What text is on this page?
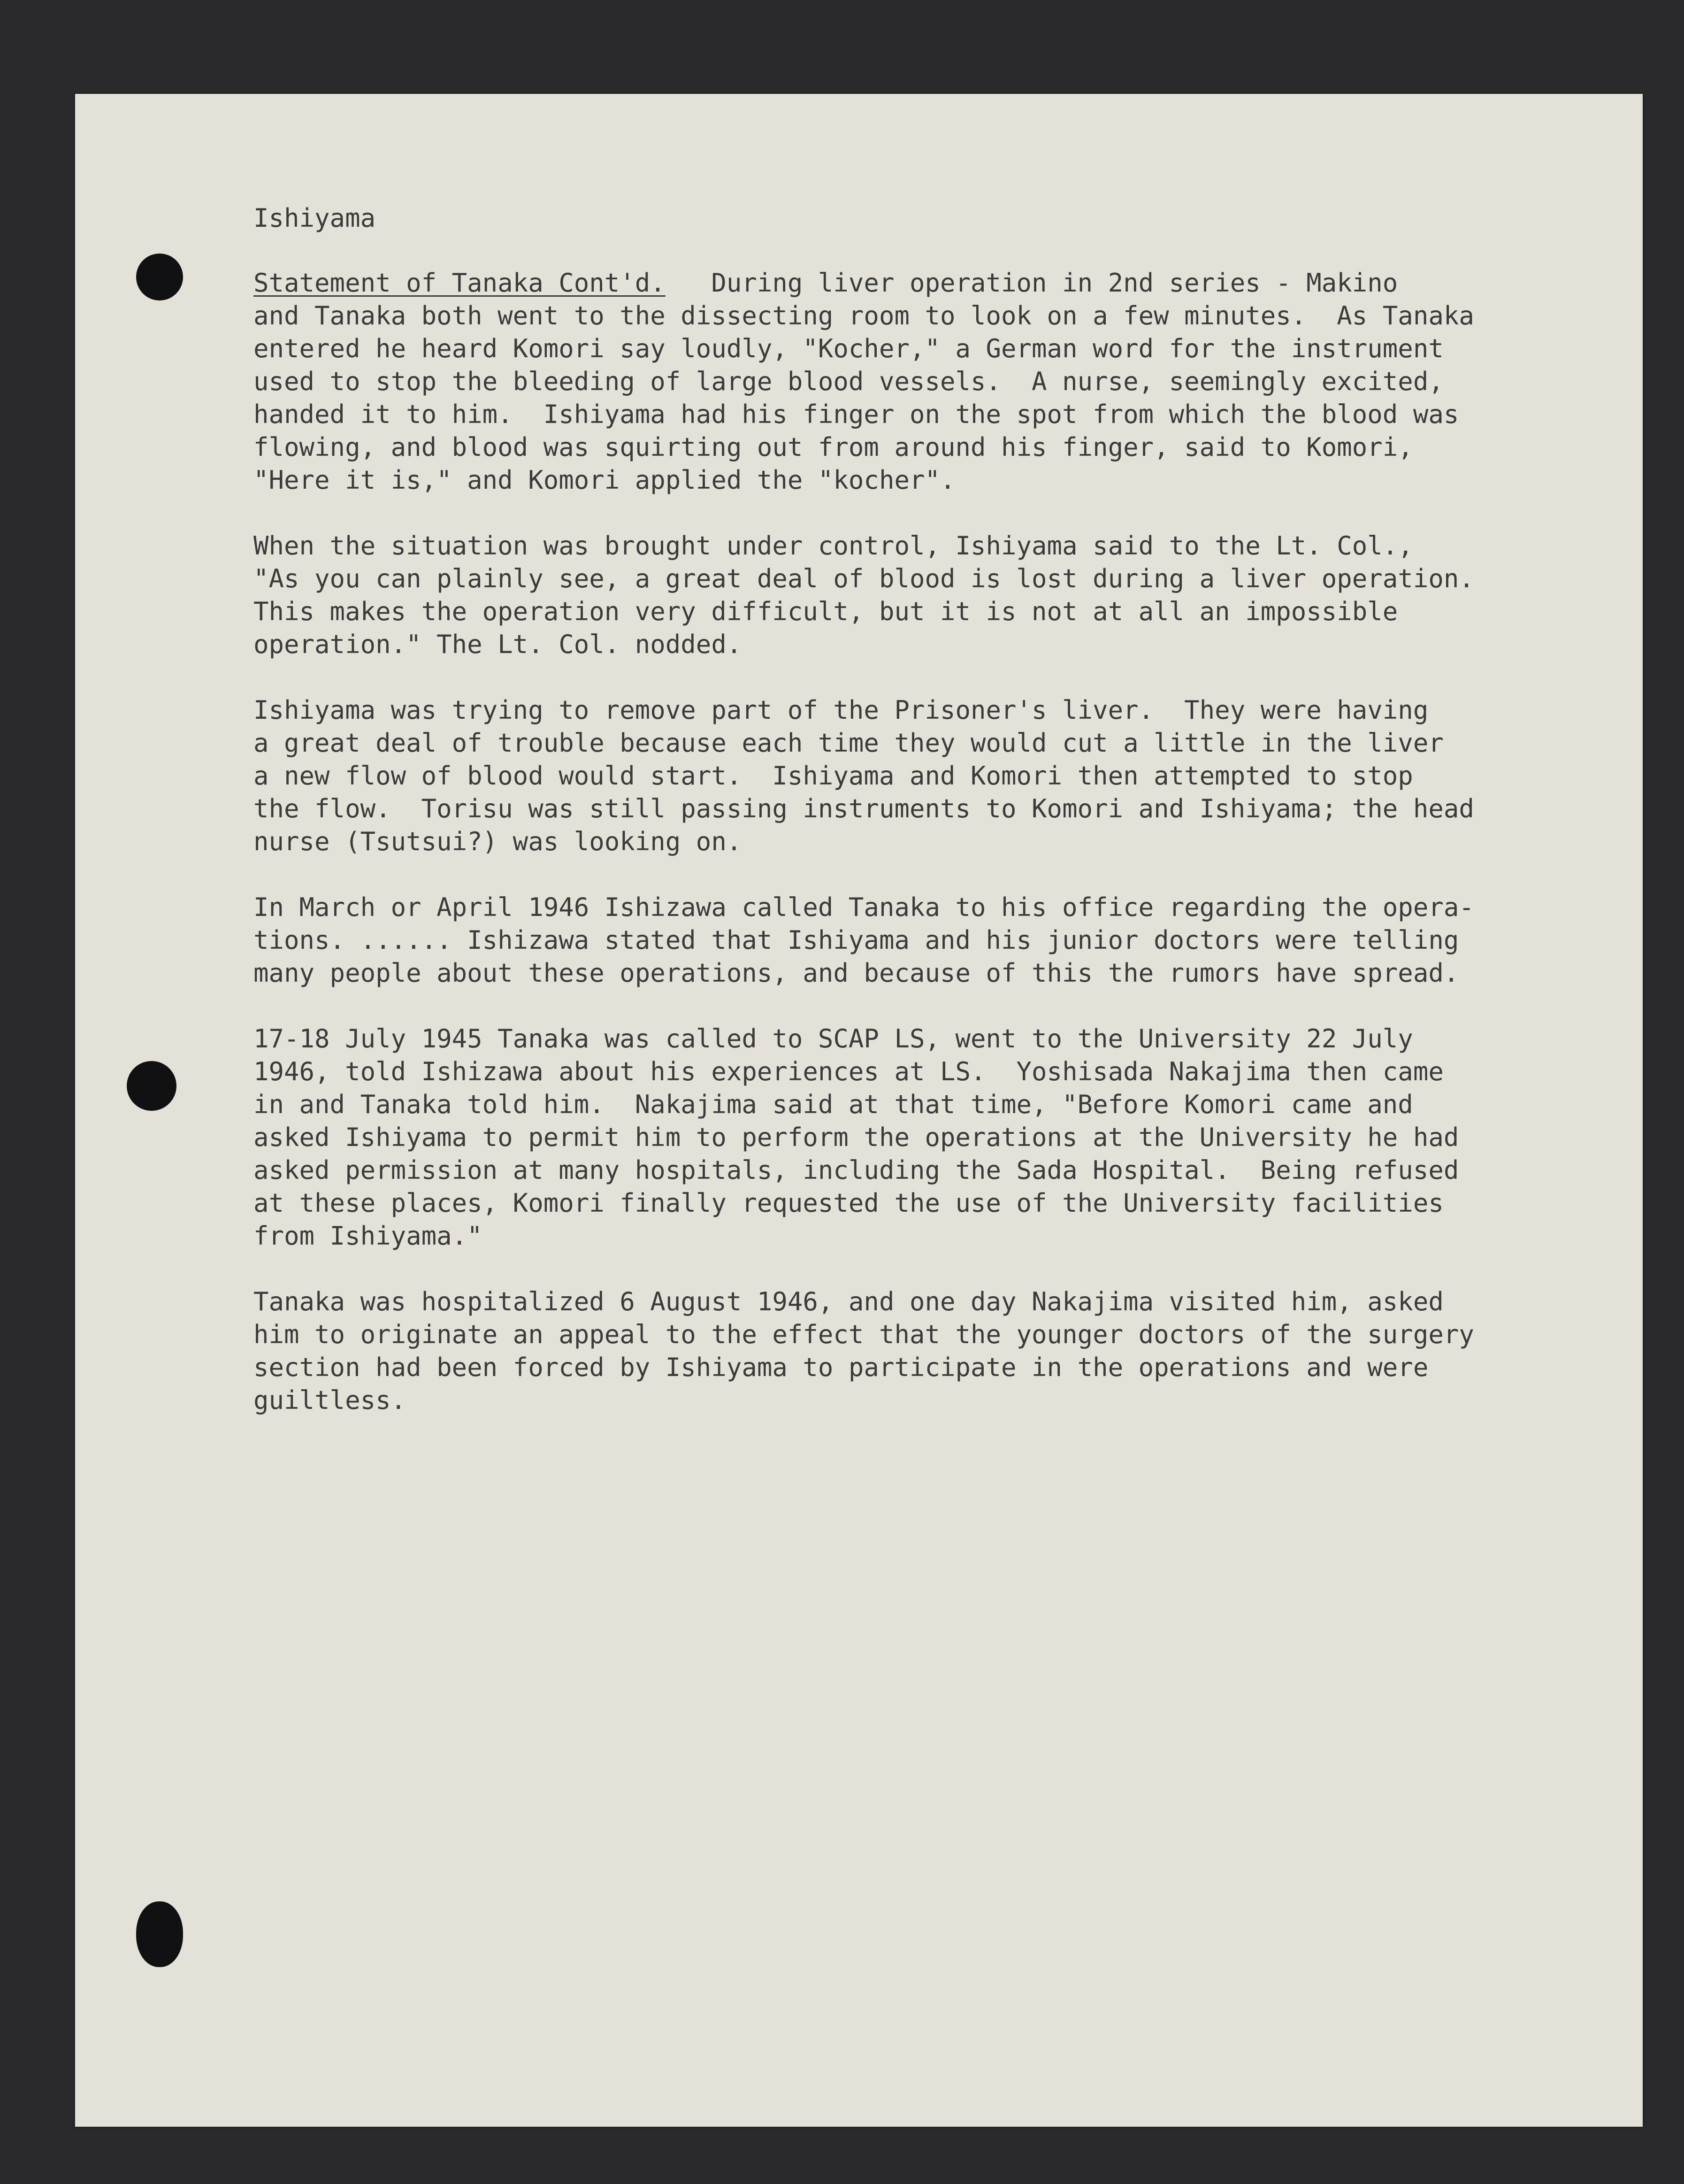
Ishiyama
Statement of Tanaka Cont'd.   During liver operation in 2nd series - Makino
and Tanaka both went to the dissecting room to look on a few minutes.  As Tanaka
entered he heard Komori say loudly, "Kocher," a German word for the instrument
used to stop the bleeding of large blood vessels.  A nurse, seemingly excited,
handed it to him.  Ishiyama had his finger on the spot from which the blood was
flowing, and blood was squirting out from around his finger, said to Komori,
"Here it is," and Komori applied the "kocher".
When the situation was brought under control, Ishiyama said to the Lt. Col.,
"As you can plainly see, a great deal of blood is lost during a liver operation.
This makes the operation very difficult, but it is not at all an impossible
operation." The Lt. Col. nodded.
Ishiyama was trying to remove part of the Prisoner's liver.  They were having
a great deal of trouble because each time they would cut a little in the liver
a new flow of blood would start.  Ishiyama and Komori then attempted to stop
the flow.  Torisu was still passing instruments to Komori and Ishiyama; the head
nurse (Tsutsui?) was looking on.
In March or April 1946 Ishizawa called Tanaka to his office regarding the opera-
tions. ...... Ishizawa stated that Ishiyama and his junior doctors were telling
many people about these operations, and because of this the rumors have spread.
17-18 July 1945 Tanaka was called to SCAP LS, went to the University 22 July
1946, told Ishizawa about his experiences at LS.  Yoshisada Nakajima then came
in and Tanaka told him.  Nakajima said at that time, "Before Komori came and
asked Ishiyama to permit him to perform the operations at the University he had
asked permission at many hospitals, including the Sada Hospital.  Being refused
at these places, Komori finally requested the use of the University facilities
from Ishiyama."
Tanaka was hospitalized 6 August 1946, and one day Nakajima visited him, asked
him to originate an appeal to the effect that the younger doctors of the surgery
section had been forced by Ishiyama to participate in the operations and were
guiltless.
